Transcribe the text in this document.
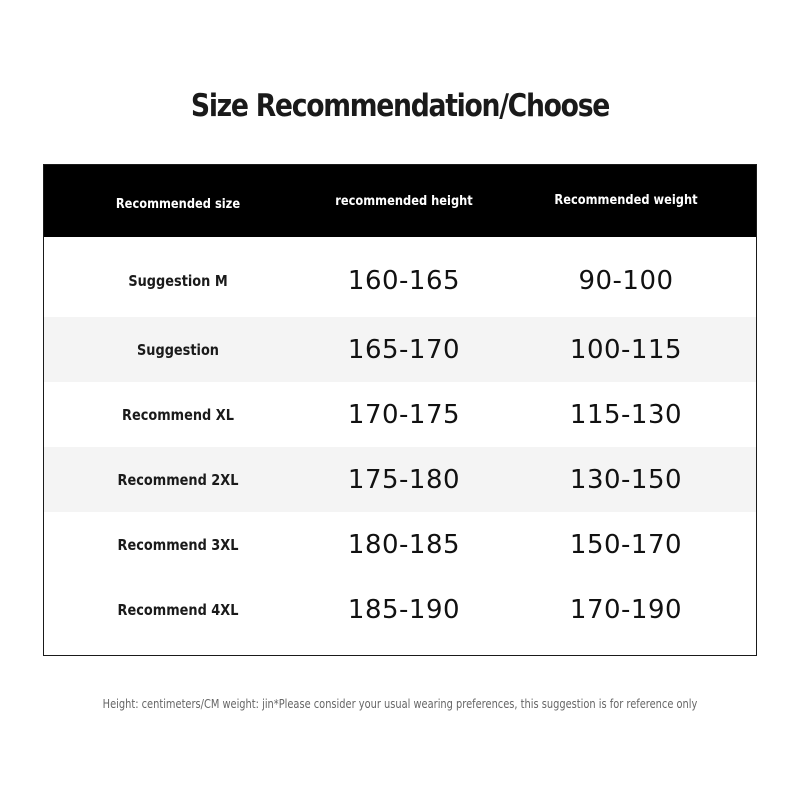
Size Recommendation/Choose
Recommended size	recommended height	Recommended weight
Suggestion M	160-165	90-100
Suggestion	165-170	100-115
Recommend XL	170-175	115-130
Recommend 2XL	175-180	130-150
Recommend 3XL	180-185	150-170
Recommend 4XL	185-190	170-190
Height: centimeters/CM weight: jin*Please consider your usual wearing preferences, this suggestion is for reference only
